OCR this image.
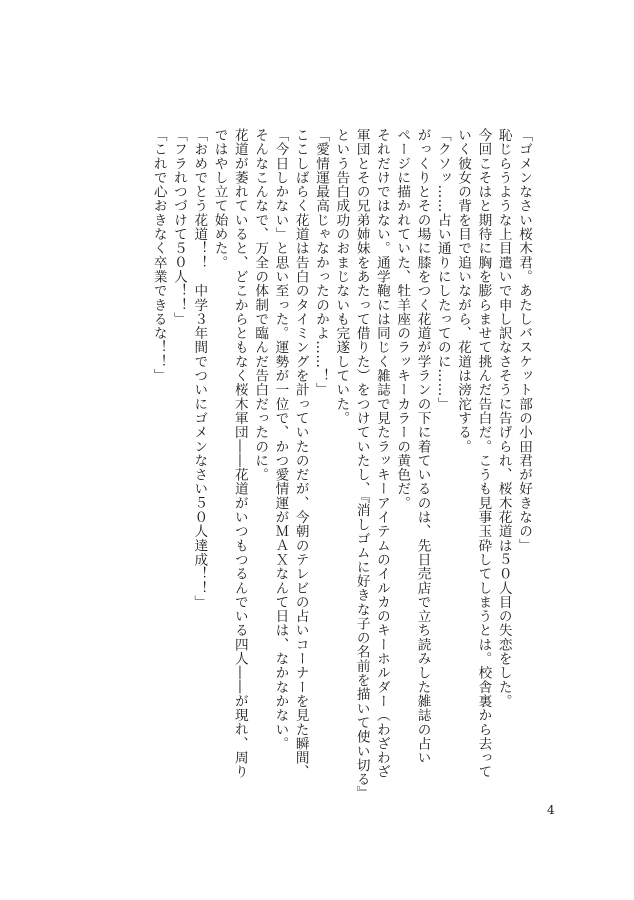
「ゴメンなさい桜木君。あたしバスケット部の小田君が好きなの」
恥じらうような上目遣いで申し訳なさそうに告げられ、桜木花道は５０人目の失恋をした。
今回こそはと期待に胸を膨らませて挑んだ告白だ。こうも見事玉砕してしまうとは。校舎裏から去って
いく彼女の背を目で追いながら、花道は滂沱する。
「クソッ……占い通りにしたってのに……」
がっくりとその場に膝をつく花道が学ランの下に着ているのは、先日売店で立ち読みした雑誌の占い
ページに描かれていた、牡羊座のラッキーカラーの黄色だ。
それだけではない。通学鞄には同じく雑誌で見たラッキーアイテムのイルカのキーホルダー（わざわざ
軍団とその兄弟姉妹をあたって借りた）をつけていたし、『消しゴムに好きな子の名前を描いて使い切る』
という告白成功のおまじないも完遂していた。
「愛情運最高じゃなかったのかよ……！」
ここしばらく花道は告白のタイミングを計っていたのだが、今朝のテレビの占いコーナーを見た瞬間、
「今日しかない」と思い至った。運勢が一位で、かつ愛情運がＭＡＸなんて日は、なかなかない。
そんなこんなで、万全の体制で臨んだ告白だったのに。
花道が萎れていると、どこからともなく桜木軍団――花道がいつもつるんでいる四人――が現れ、周り
ではやし立て始めた。
「おめでとう花道！！　中学３年間でついにゴメンなさい５０人達成！！」
「フラれつづけて５０人！！」
「これで心おきなく卒業できるな！！」
4
